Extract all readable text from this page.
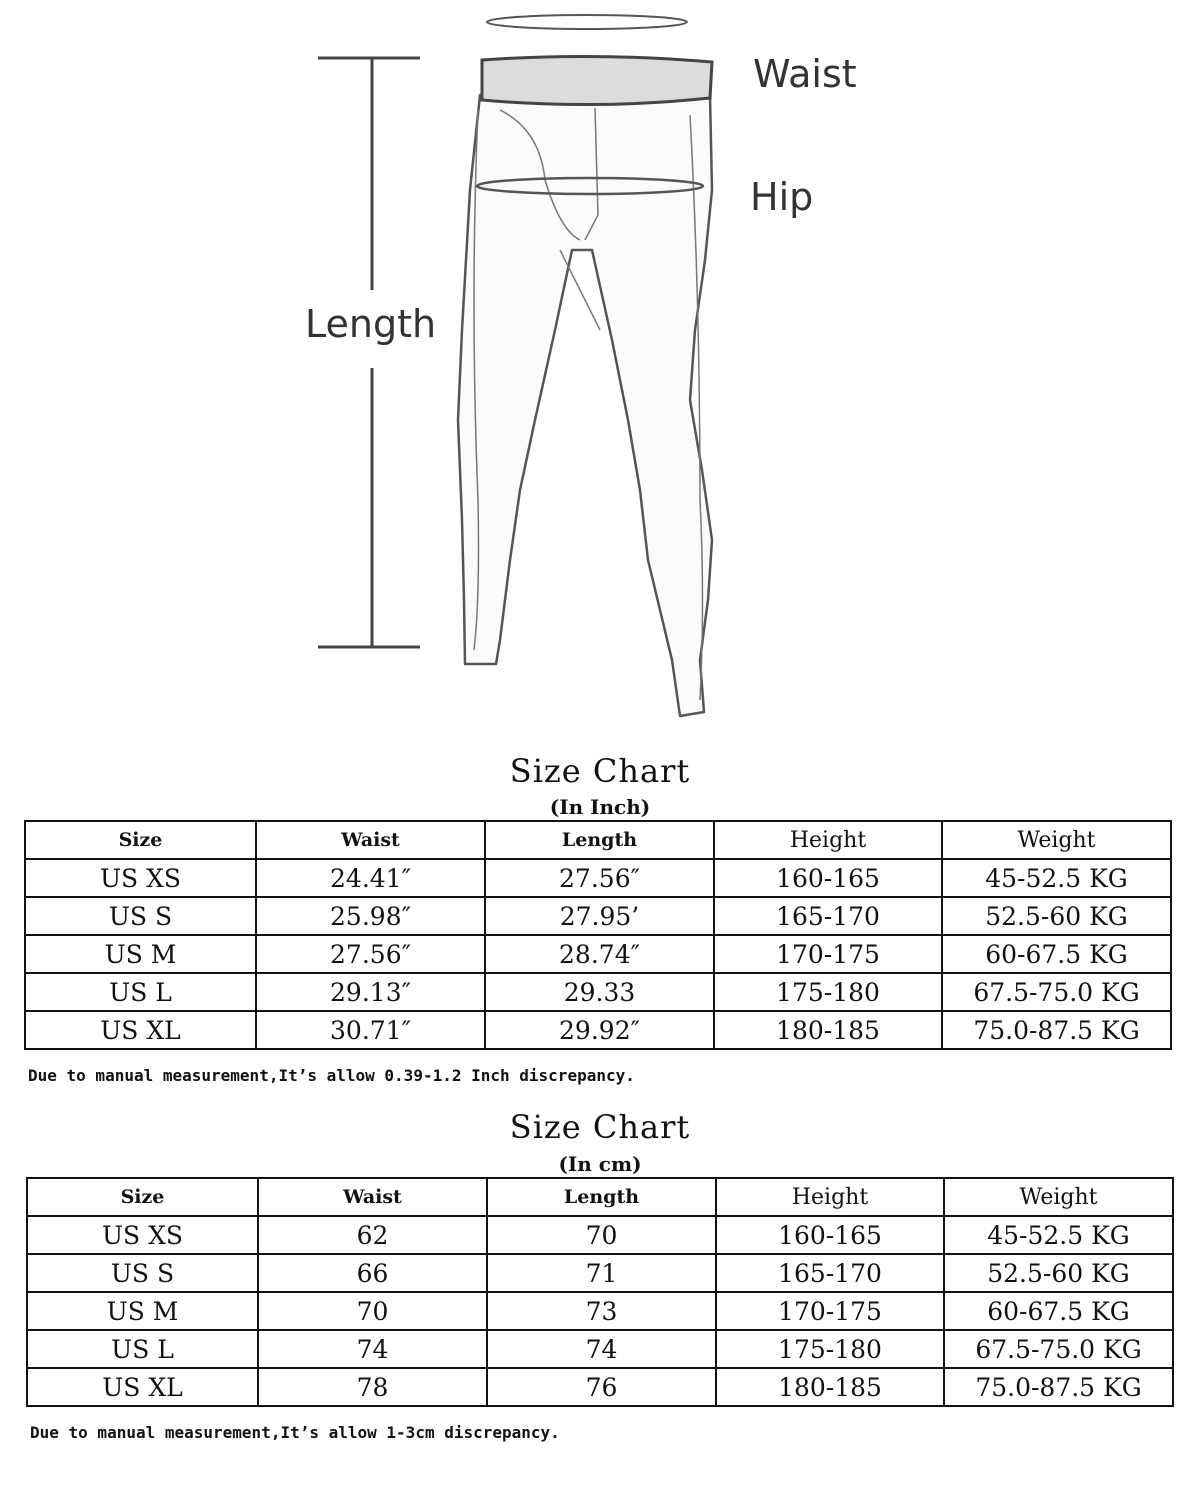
Waist
Hip
Length
Size Chart
(In Inch)
Size	Waist	Length	Height	Weight
US XS	24.41″	27.56″	160-165	45-52.5 KG
US S	25.98″	27.95’	165-170	52.5-60 KG
US M	27.56″	28.74″	170-175	60-67.5 KG
US L	29.13″	29.33	175-180	67.5-75.0 KG
US XL	30.71″	29.92″	180-185	75.0-87.5 KG
Due to manual measurement,It’s allow 0.39-1.2 Inch discrepancy.
Size Chart
(In cm)
Size	Waist	Length	Height	Weight
US XS	62	70	160-165	45-52.5 KG
US S	66	71	165-170	52.5-60 KG
US M	70	73	170-175	60-67.5 KG
US L	74	74	175-180	67.5-75.0 KG
US XL	78	76	180-185	75.0-87.5 KG
Due to manual measurement,It’s allow 1-3cm discrepancy.
